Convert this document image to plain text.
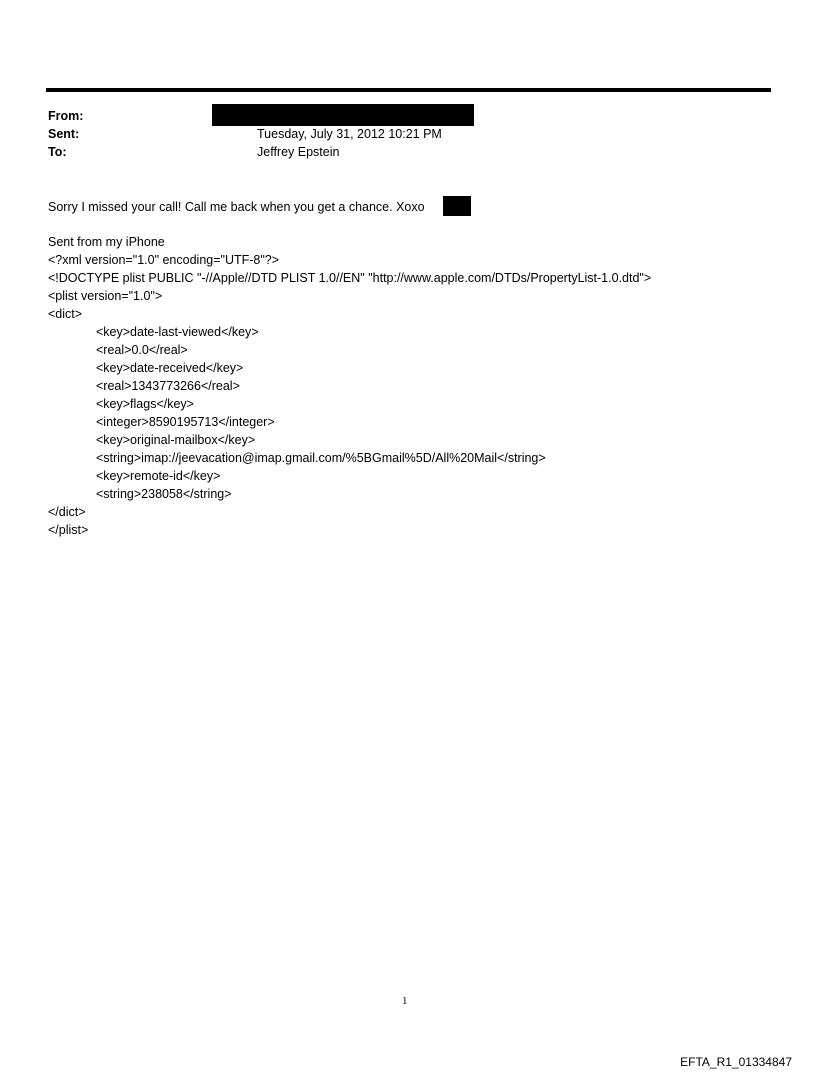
From:
Sent:	Tuesday, July 31, 2012 10:21 PM
To:	Jeffrey Epstein
Sorry I missed your call! Call me back when you get a chance. Xoxo
Sent from my iPhone
<?xml version="1.0" encoding="UTF-8"?>
<!DOCTYPE plist PUBLIC "-//Apple//DTD PLIST 1.0//EN" "http://www.apple.com/DTDs/PropertyList-1.0.dtd">
<plist version="1.0">
<dict>
<key>date-last-viewed</key>
<real>0.0</real>
<key>date-received</key>
<real>1343773266</real>
<key>flags</key>
<integer>8590195713</integer>
<key>original-mailbox</key>
<string>imap://jeevacation@imap.gmail.com/%5BGmail%5D/All%20Mail</string>
<key>remote-id</key>
<string>238058</string>
</dict>
</plist>
1
EFTA_R1_01334847
